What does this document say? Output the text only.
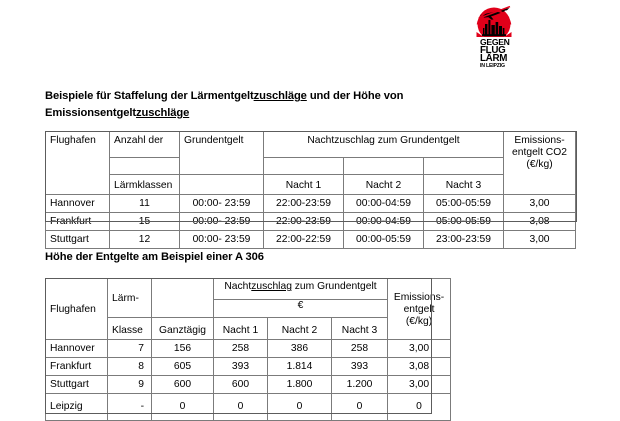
GEGEN
FLUG
LÄRM
IN LEIPZIG
Beispiele für Staffelung der Lärmentgeltzuschläge und der Höhe von
Emissionsentgeltzuschläge
Flughafen	Anzahl der	Grundentgelt	Nachtzuschlag zum Grundentgelt			Emissions-
entgelt CO2
(€/kg)

	Lärmklassen		Nacht 1	Nacht 2	Nacht 3	
Hannover	11	00:00- 23:59	22:00-23:59	00:00-04:59	05:00-05:59	3,00
Frankfurt	15	00:00- 23:59	22:00-23:59	00:00-04:59	05:00-05:59	3,08
Stuttgart	12	00:00- 23:59	22:00-22:59	00:00-05:59	23:00-23:59	3,00
Höhe der Entgelte am Beispiel einer A 306
Flughafen	Lärm-		Nachtzuschlag zum Grundentgelt			Emissions-
entgelt
(€/kg)

			€			
	Klasse	Ganztägig	Nacht 1	Nacht 2	Nacht 3	
Hannover	7	156	258	386	258	3,00
Frankfurt	8	605	393	1.814	393	3,08
Stuttgart	9	600	600	1.800	1.200	3,00
Leipzig	-	0	0	0	0	0
